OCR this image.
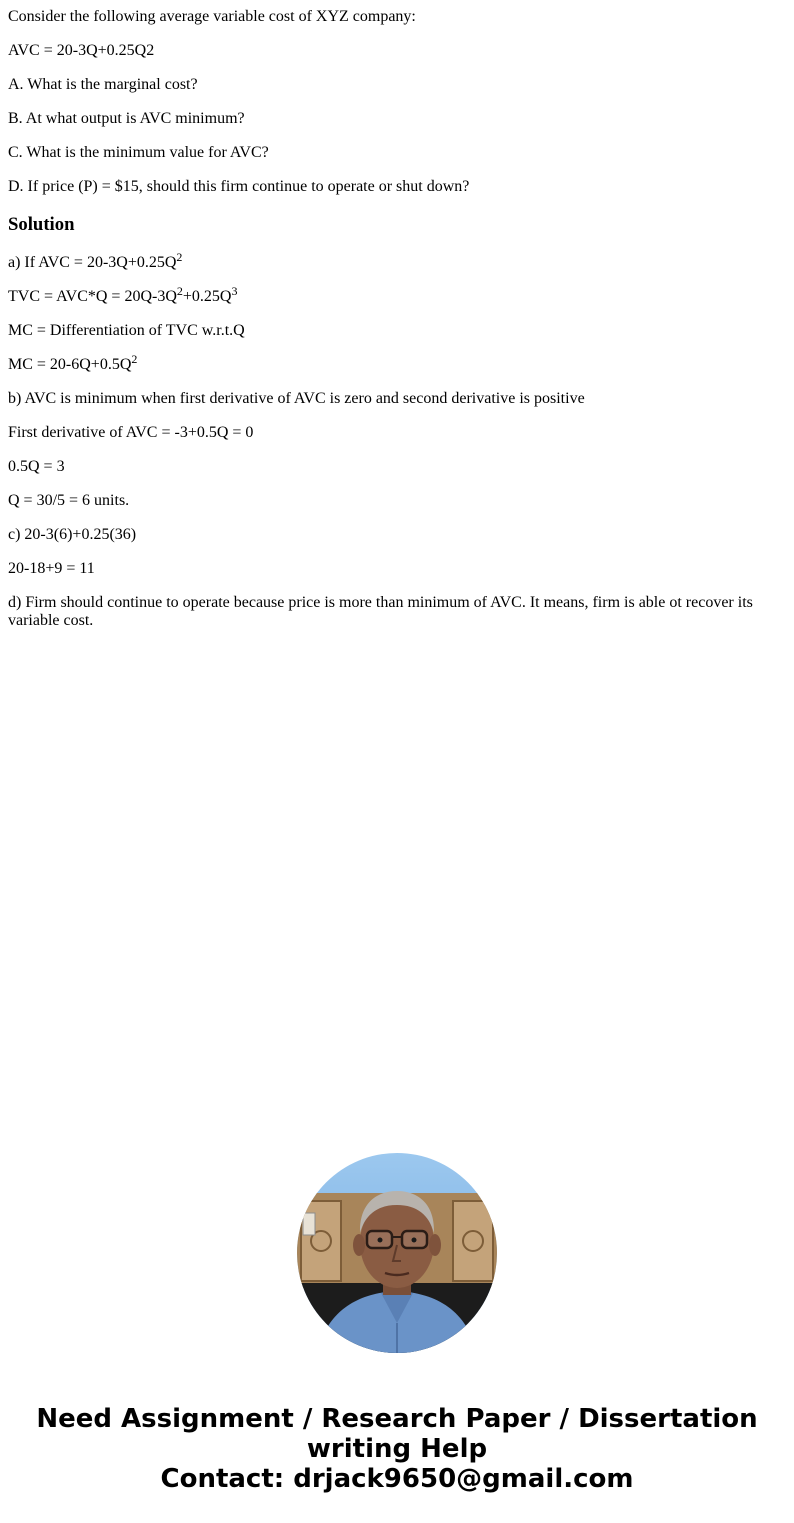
Consider the following average variable cost of XYZ company:

AVC = 20-3Q+0.25Q2

A. What is the marginal cost?

B. At what output is AVC minimum?

C. What is the minimum value for AVC?

D. If price (P) = $15, should this firm continue to operate or shut down?

Solution

a) If AVC = $20-3Q+0.25Q^2$

TVC = $AVC*Q = 20Q-3Q^2+0.25Q^3$

MC = Differentiation of TVC w.r.t.Q

MC = $20-6Q+0.5Q^2$

b) AVC is minimum when first derivative of AVC is zero and second derivative is positive

First derivative of AVC = -3+0.5Q = 0

0.5Q = 3

Q = 30/5 = 6 units.

c) 20-3(6)+0.25(36)

20-18+9 = 11

d) Firm should continue to operate because price is more than minimum of AVC. It means, firm is able ot recover its variable cost.

Need Assignment / Research Paper / Dissertation
writing Help
Contact: drjack9650@gmail.com
